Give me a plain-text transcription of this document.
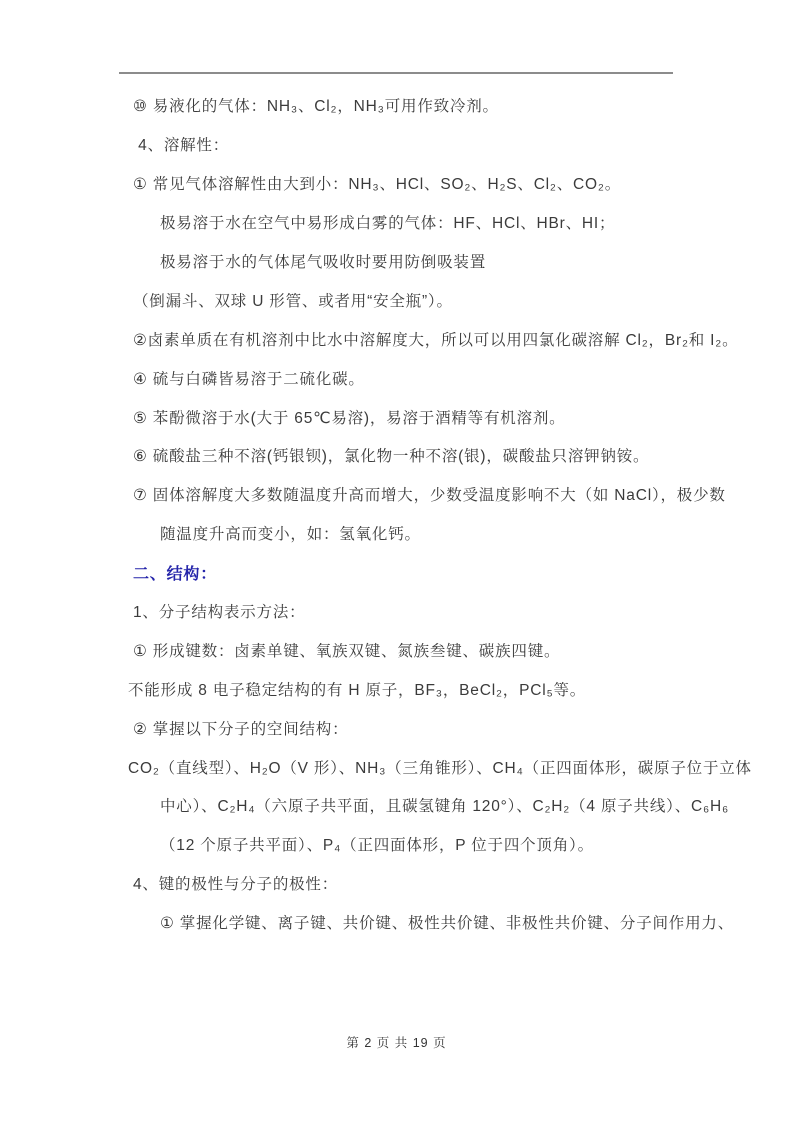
⑩ 易液化的气体：NH₃、Cl₂，NH₃可用作致冷剂。
4、溶解性：
① 常见气体溶解性由大到小：NH₃、HCl、SO₂、H₂S、Cl₂、CO₂。
极易溶于水在空气中易形成白雾的气体：HF、HCl、HBr、HI；
极易溶于水的气体尾气吸收时要用防倒吸装置
（倒漏斗、双球 U 形管、或者用“安全瓶”）。
②卤素单质在有机溶剂中比水中溶解度大，所以可以用四氯化碳溶解 Cl₂，Br₂和 I₂。
④ 硫与白磷皆易溶于二硫化碳。
⑤ 苯酚微溶于水(大于 65℃易溶)，易溶于酒精等有机溶剂。
⑥ 硫酸盐三种不溶(钙银钡)，氯化物一种不溶(银)，碳酸盐只溶钾钠铵。
⑦ 固体溶解度大多数随温度升高而增大，少数受温度影响不大（如 NaCl），极少数
随温度升高而变小，如：氢氧化钙。
二、结构：
1、分子结构表示方法：
① 形成键数：卤素单键、氧族双键、氮族叁键、碳族四键。
不能形成 8 电子稳定结构的有 H 原子，BF₃，BeCl₂，PCl₅等。
② 掌握以下分子的空间结构：
CO₂（直线型）、H₂O（V 形）、NH₃（三角锥形）、CH₄（正四面体形，碳原子位于立体
中心）、C₂H₄（六原子共平面，且碳氢键角 120°）、C₂H₂（4 原子共线）、C₆H₆
（12 个原子共平面）、P₄（正四面体形，P 位于四个顶角）。
4、键的极性与分子的极性：
① 掌握化学键、离子键、共价键、极性共价键、非极性共价键、分子间作用力、
第 2 页 共 19 页
